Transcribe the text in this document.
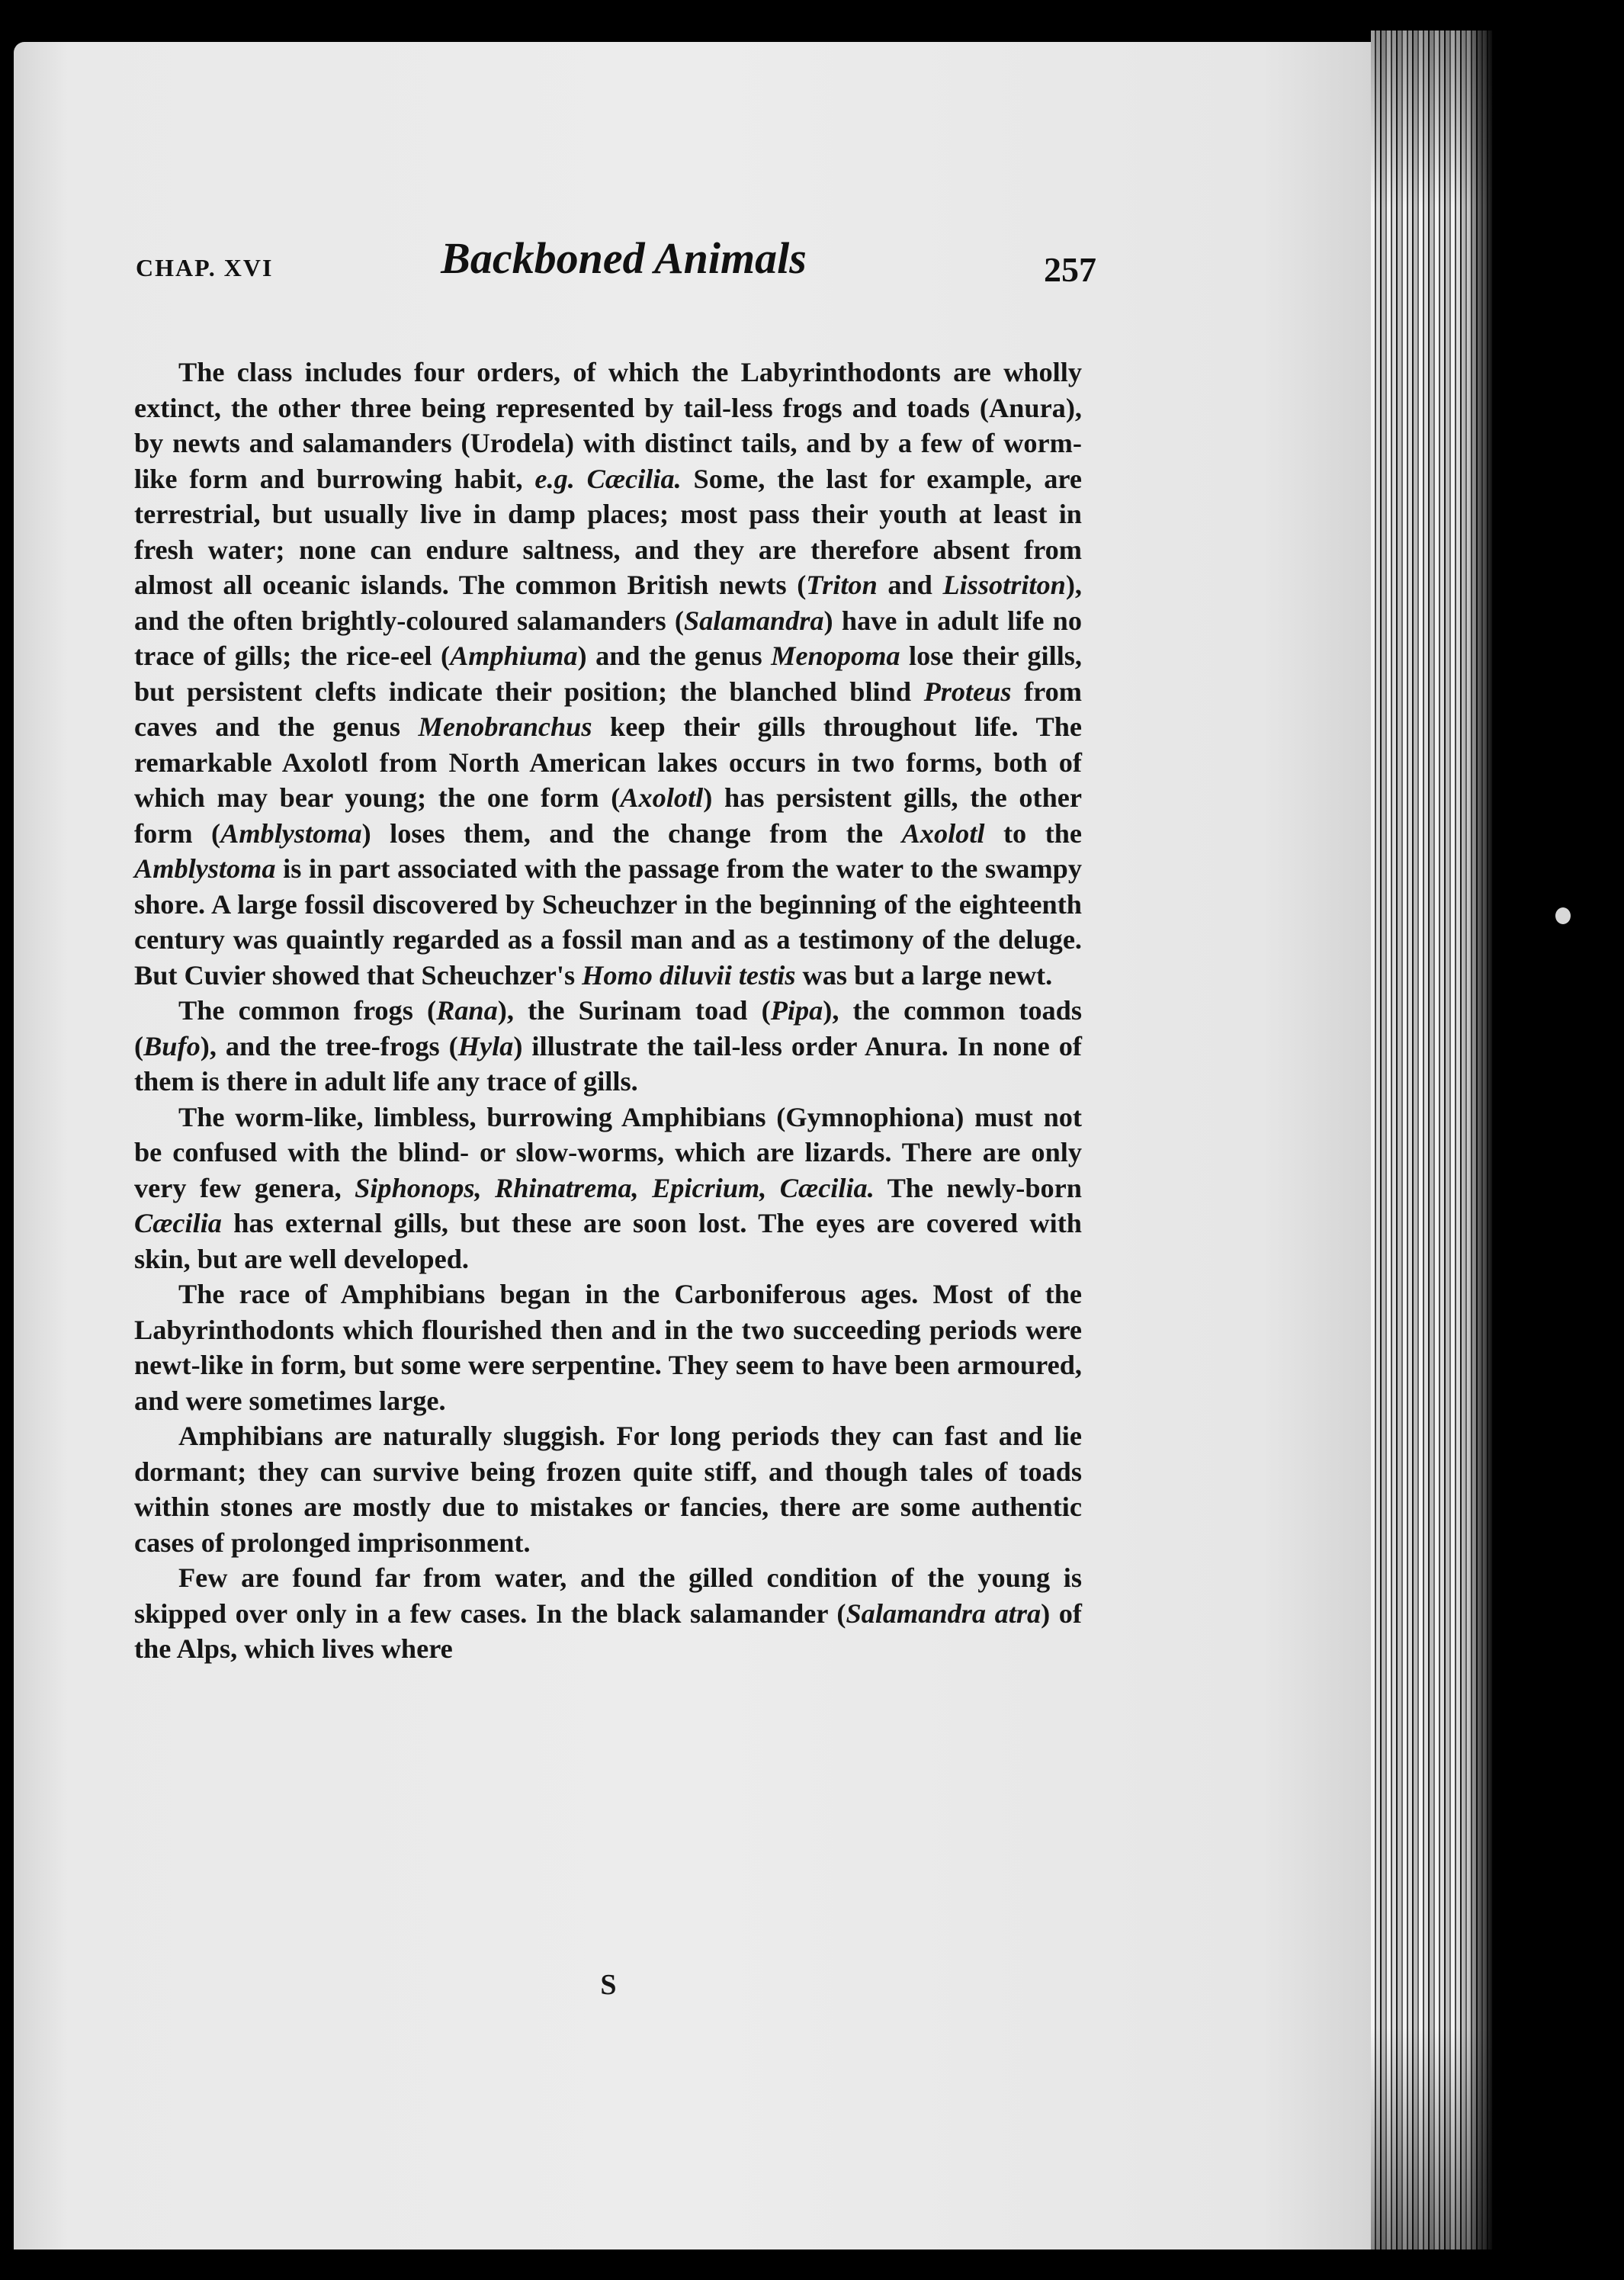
CHAP. XVI	Backboned Animals	257

The class includes four orders, of which the Labyrinthodonts are wholly extinct, the other three being represented by tail-less frogs and toads (Anura), by newts and salamanders (Urodela) with distinct tails, and by a few of worm-like form and burrowing habit, e.g. Cæcilia. Some, the last for example, are terrestrial, but usually live in damp places; most pass their youth at least in fresh water; none can endure saltness, and they are therefore absent from almost all oceanic islands. The common British newts (Triton and Lissotriton), and the often brightly-coloured salamanders (Salamandra) have in adult life no trace of gills; the rice-eel (Amphiuma) and the genus Menopoma lose their gills, but persistent clefts indicate their position; the blanched blind Proteus from caves and the genus Menobranchus keep their gills throughout life. The remarkable Axolotl from North American lakes occurs in two forms, both of which may bear young; the one form (Axolotl) has persistent gills, the other form (Amblystoma) loses them, and the change from the Axolotl to the Amblystoma is in part associated with the passage from the water to the swampy shore. A large fossil discovered by Scheuchzer in the beginning of the eighteenth century was quaintly regarded as a fossil man and as a testimony of the deluge. But Cuvier showed that Scheuchzer's Homo diluvii testis was but a large newt.

The common frogs (Rana), the Surinam toad (Pipa), the common toads (Bufo), and the tree-frogs (Hyla) illustrate the tail-less order Anura. In none of them is there in adult life any trace of gills.

The worm-like, limbless, burrowing Amphibians (Gymnophiona) must not be confused with the blind- or slow-worms, which are lizards. There are only very few genera, Siphonops, Rhinatrema, Epicrium, Cæcilia. The newly-born Cæcilia has external gills, but these are soon lost. The eyes are covered with skin, but are well developed.

The race of Amphibians began in the Carboniferous ages. Most of the Labyrinthodonts which flourished then and in the two succeeding periods were newt-like in form, but some were serpentine. They seem to have been armoured, and were sometimes large.

Amphibians are naturally sluggish. For long periods they can fast and lie dormant; they can survive being frozen quite stiff, and though tales of toads within stones are mostly due to mistakes or fancies, there are some authentic cases of prolonged imprisonment.

Few are found far from water, and the gilled condition of the young is skipped over only in a few cases. In the black salamander (Salamandra atra) of the Alps, which lives where

S
